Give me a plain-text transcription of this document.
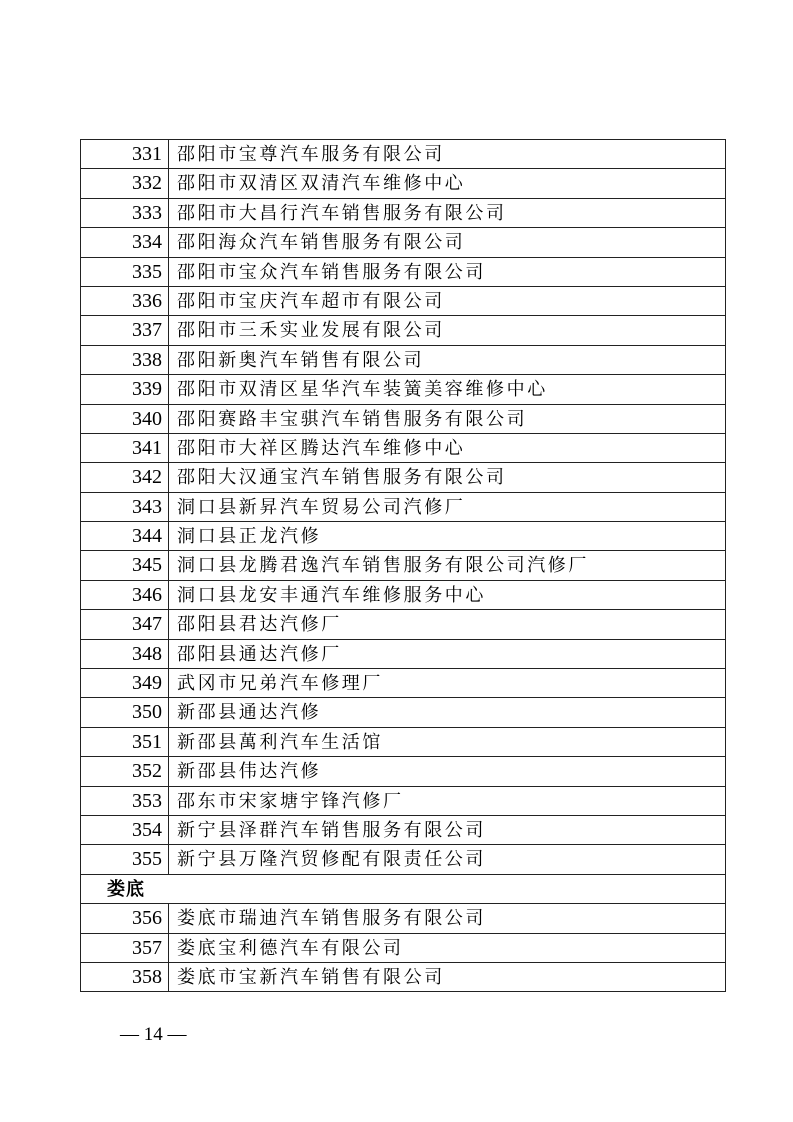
331 邵阳市宝尊汽车服务有限公司
332 邵阳市双清区双清汽车维修中心
333 邵阳市大昌行汽车销售服务有限公司
334 邵阳海众汽车销售服务有限公司
335 邵阳市宝众汽车销售服务有限公司
336 邵阳市宝庆汽车超市有限公司
337 邵阳市三禾实业发展有限公司
338 邵阳新奥汽车销售有限公司
339 邵阳市双清区星华汽车装簧美容维修中心
340 邵阳赛路丰宝骐汽车销售服务有限公司
341 邵阳市大祥区腾达汽车维修中心
342 邵阳大汉通宝汽车销售服务有限公司
343 洞口县新昇汽车贸易公司汽修厂
344 洞口县正龙汽修
345 洞口县龙腾君逸汽车销售服务有限公司汽修厂
346 洞口县龙安丰通汽车维修服务中心
347 邵阳县君达汽修厂
348 邵阳县通达汽修厂
349 武冈市兄弟汽车修理厂
350 新邵县通达汽修
351 新邵县萬利汽车生活馆
352 新邵县伟达汽修
353 邵东市宋家塘宇锋汽修厂
354 新宁县泽群汽车销售服务有限公司
355 新宁县万隆汽贸修配有限责任公司
娄底
356 娄底市瑞迪汽车销售服务有限公司
357 娄底宝利德汽车有限公司
358 娄底市宝新汽车销售有限公司
— 14 —
